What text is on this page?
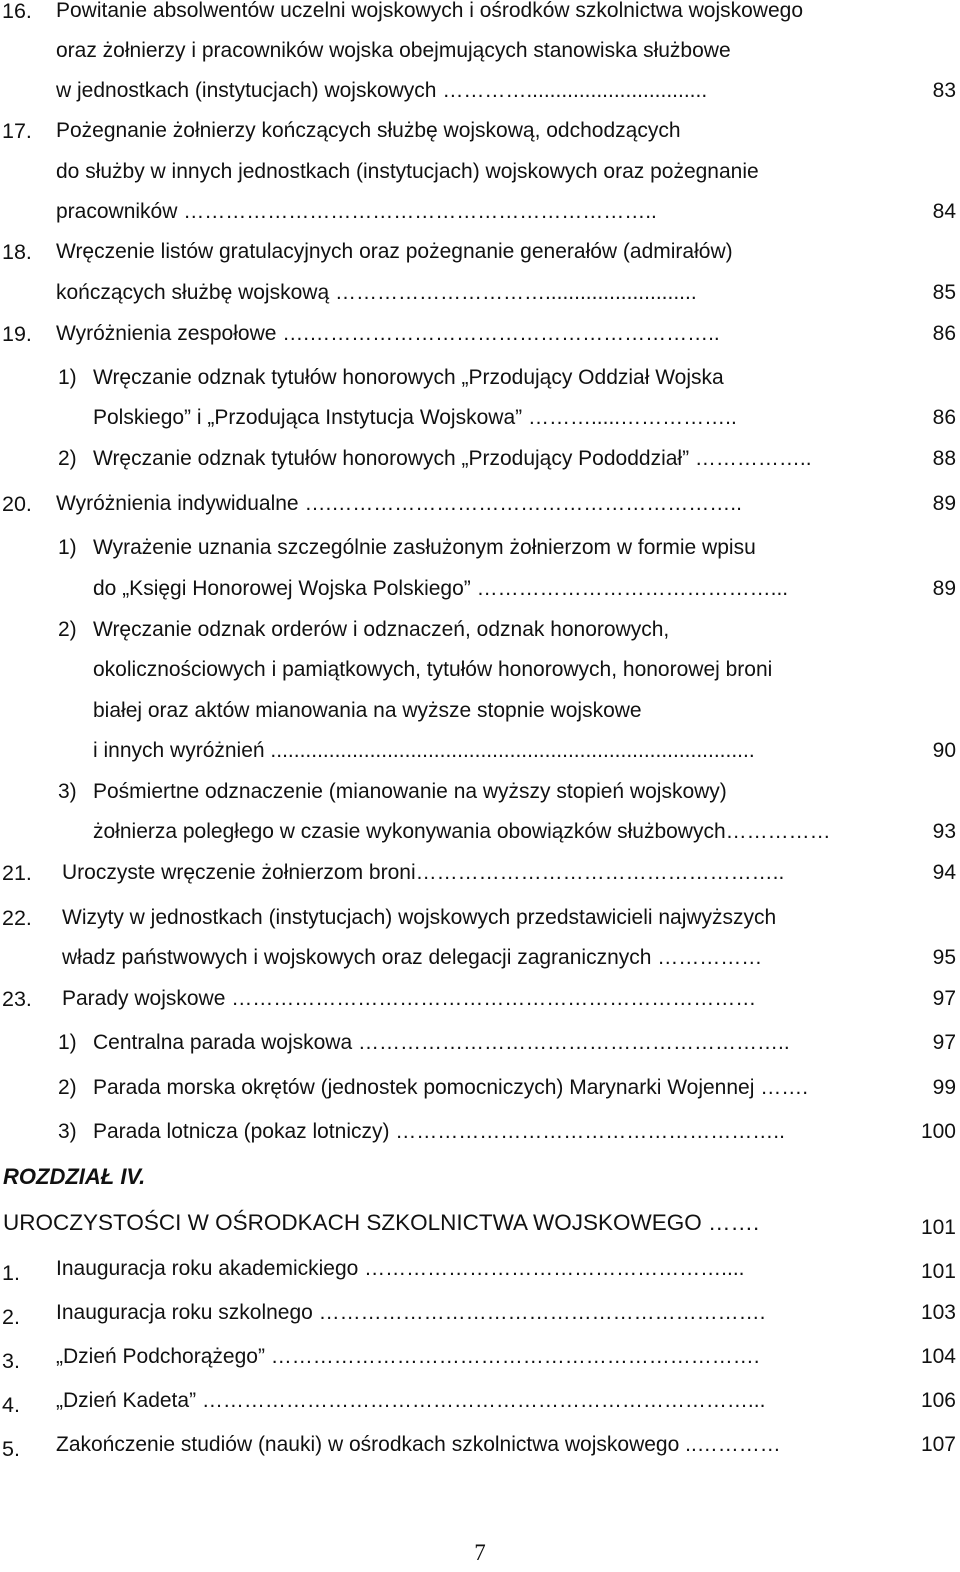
16. Powitanie absolwentów uczelni wojskowych i ośrodków szkolnictwa wojskowego
oraz żołnierzy i pracowników wojska obejmujących stanowiska służbowe
w jednostkach (instytucjach) wojskowych …………...............................	83
17. Pożegnanie żołnierzy kończących służbę wojskową, odchodzących
do służby w innych jednostkach (instytucjach) wojskowych oraz pożegnanie
pracowników …………………………………………………………..	84
18. Wręczenie listów gratulacyjnych oraz pożegnanie generałów (admirałów)
kończących służbę wojskową …………………………..........................	85
19. Wyróżnienia zespołowe ….…………………………………………………..	86
1) Wręczanie odznak tytułów honorowych „Przodujący Oddział Wojska
Polskiego” i „Przodująca Instytucja Wojskowa” ……….....……………..	86
2) Wręczanie odznak tytułów honorowych „Przodujący Pododdział” ……………..	88
20. Wyróżnienia indywidualne ….…………………………………………………..	89
1) Wyrażenie uznania szczególnie zasłużonym żołnierzom w formie wpisu
do „Księgi Honorowej Wojska Polskiego” ……………………………………...	89
2) Wręczanie odznak orderów i odznaczeń, odznak honorowych,
okolicznościowych i pamiątkowych, tytułów honorowych, honorowej broni
białej oraz aktów mianowania na wyższe stopnie wojskowe
i innych wyróżnień ...................................................................................	90
3) Pośmiertne odznaczenie (mianowanie na wyższy stopień wojskowy)
żołnierza poległego w czasie wykonywania obowiązków służbowych……………	93
21. Uroczyste wręczenie żołnierzom broni……………………………………………..	94
22. Wizyty w jednostkach (instytucjach) wojskowych przedstawicieli najwyższych
władz państwowych i wojskowych oraz delegacji zagranicznych ……………	95
23. Parady wojskowe …………………………………………………………………	97
1) Centralna parada wojskowa ……………………………………………………..	97
2) Parada morska okrętów (jednostek pomocniczych) Marynarki Wojennej …….	99
3) Parada lotnicza (pokaz lotniczy) ………………………………………………..	100
ROZDZIAŁ IV.
UROCZYSTOŚCI W OŚRODKACH SZKOLNICTWA WOJSKOWEGO …….	101
1. Inauguracja roku akademickiego ……………………………………………....	101
2. Inauguracja roku szkolnego ……………………………………………………….	103
3. „Dzień Podchorążego” …………………………………………………………….	104
4. „Dzień Kadeta” ……………………………………………………………………...	106
5. Zakończenie studiów (nauki) w ośrodkach szkolnictwa wojskowego ..…………	107
7
